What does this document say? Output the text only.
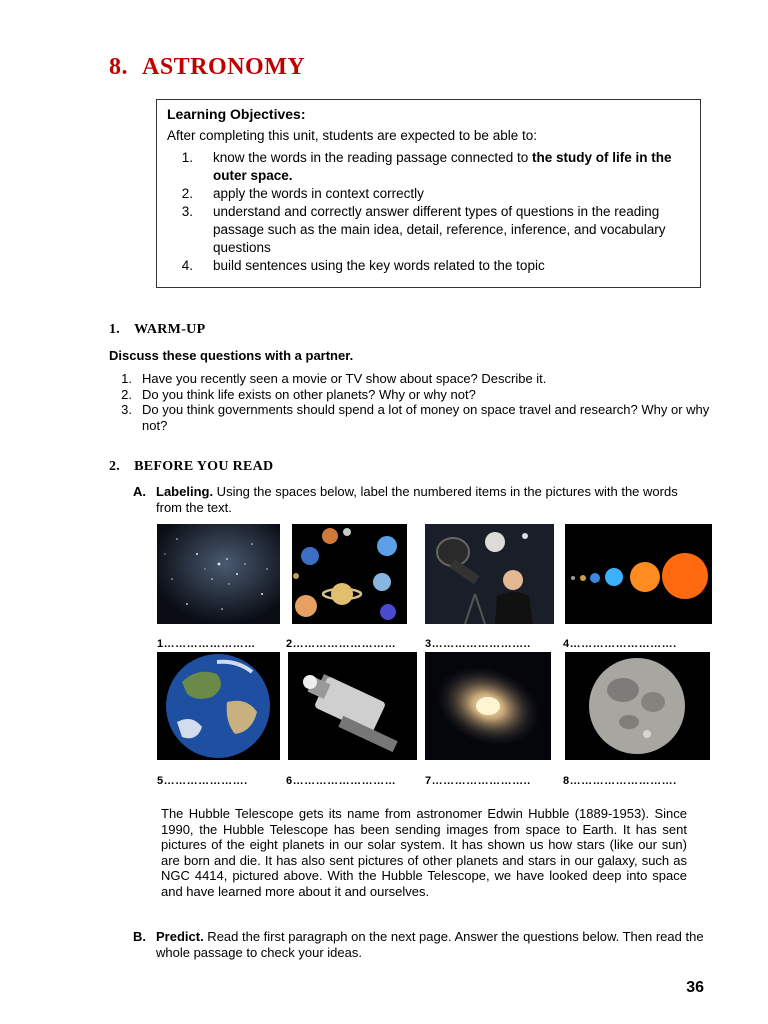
8. ASTRONOMY

Learning Objectives:

After completing this unit, students are expected to be able to:

1.	know the words in the reading passage connected to the study of life in the outer space.
2.	apply the words in context correctly
3.	understand and correctly answer different types of questions in the reading passage such as the main idea, detail, reference, inference, and vocabulary questions
4.	build sentences using the key words related to the topic
1. WARM-UP

Discuss these questions with a partner.

1. Have you recently seen a movie or TV show about space? Describe it.
2. Do you think life exists on other planets? Why or why not?
3. Do you think governments should spend a lot of money on space travel and research? Why or why not?
2. BEFORE YOU READ
A. Labeling. Using the spaces below, label the numbered items in the pictures with the words from the text.
1……………………	2………………………	3……………………..	4……………………….
5………………….	6………………………	7……………………..	8……………………….

The Hubble Telescope gets its name from astronomer Edwin Hubble (1889-1953). Since 1990, the Hubble Telescope has been sending images from space to Earth. It has sent pictures of the eight planets in our solar system. It has shown us how stars (like our sun) are born and die. It has also sent pictures of other planets and stars in our galaxy, such as NGC 4414, pictured above. With the Hubble Telescope, we have looked deep into space and have learned more about it and ourselves.

B. Predict. Read the first paragraph on the next page. Answer the questions below. Then read the whole passage to check your ideas.
36
